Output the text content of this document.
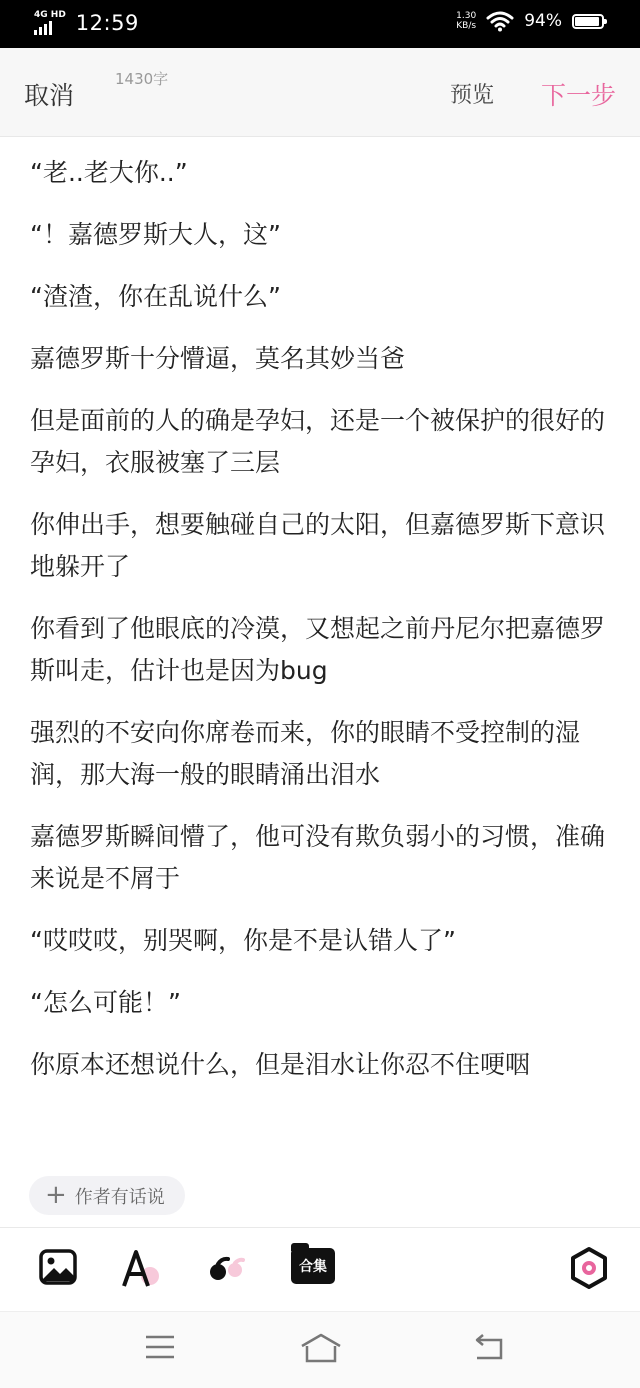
4G HD 12:59	1.30
KB/s	94%
取消
1430字
预览 下一步

“老..老大你..”

“！嘉德罗斯大人，这”

“渣渣，你在乱说什么”

嘉德罗斯十分懵逼，莫名其妙当爸

但是面前的人的确是孕妇，还是一个被保护的很好的孕妇，衣服被塞了三层

你伸出手，想要触碰自己的太阳，但嘉德罗斯下意识地躲开了

你看到了他眼底的冷漠，又想起之前丹尼尔把嘉德罗斯叫走，估计也是因为bug

强烈的不安向你席卷而来，你的眼睛不受控制的湿润，那大海一般的眼睛涌出泪水

嘉德罗斯瞬间懵了，他可没有欺负弱小的习惯，准确来说是不屑于

“哎哎哎，别哭啊，你是不是认错人了”

“怎么可能！”

你原本还想说什么，但是泪水让你忍不住哽咽

+ 作者有话说
合集
